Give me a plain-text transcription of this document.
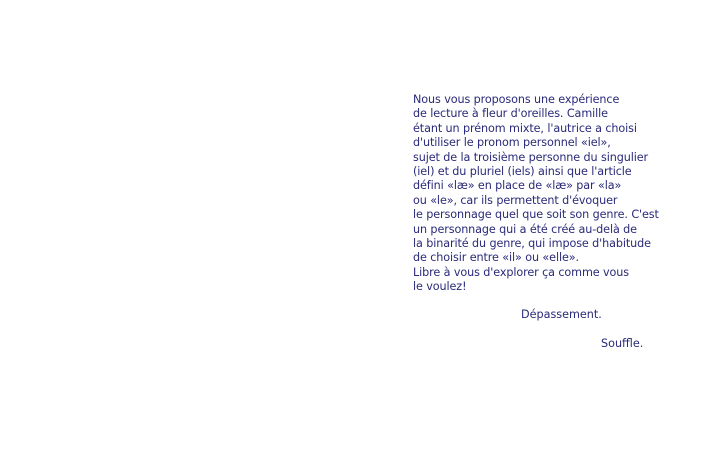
Nous vous proposons une expérience
de lecture à fleur d'oreilles. Camille
étant un prénom mixte, l'autrice a choisi
d'utiliser le pronom personnel «iel»,
sujet de la troisième personne du singulier
(iel) et du pluriel (iels) ainsi que l'article
défini «læ» en place de «læ» par «la»
ou «le», car ils permettent d'évoquer
le personnage quel que soit son genre. C'est
un personnage qui a été créé au-delà de
la binarité du genre, qui impose d'habitude
de choisir entre «il» ou «elle».
Libre à vous d'explorer ça comme vous
le voulez!
Dépassement.
Souffle.
